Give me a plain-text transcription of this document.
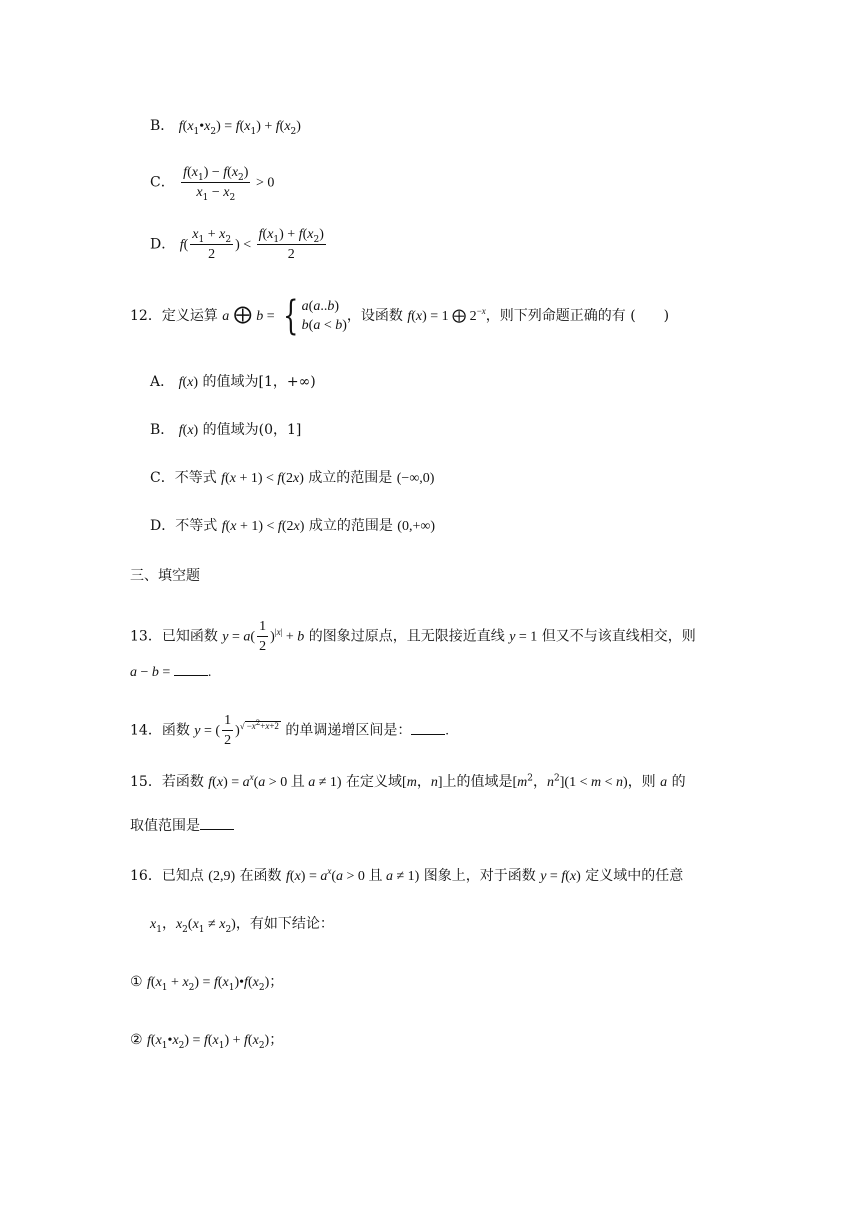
B． $f(x_1•x_2) = f(x_1) + f(x_2)$
C． $\frac{f(x_1) - f(x_2)}{x_1 - x_2} > 0$
D． $f( \frac{x_1 + x_2}{2}$ ) < $\frac{f(x_1) + f(x_2)}{2}$
12．定义运算 a ⨁ b = { a(a..b)
b(a < b)
，设函数 f(x) = 1 ⨁ $2^{-x}$，则下列命题正确的有 (　　)
A． f(x) 的值域为[1，+∞)
B． f(x) 的值域为(0，1]
C．不等式 f(x + 1) < f(2x) 成立的范围是 (−∞,0)
D．不等式 f(x + 1) < f(2x) 成立的范围是 (0,+∞)
三、填空题
13．已知函数 $y = a( \frac{1}{2} )^{|x|} + b$ 的图象过原点，且无限接近直线 y = 1 但又不与该直线相交，则
a − b = .
14．函数 y = ( $\frac{1}{2} )^{√ -x^2+x+2}$ 的单调递增区间是： .
15．若函数 $f(x) = a^x(a > 0$ 且 a ≠ 1) 在定义域[m，n]上的值域是[$m^2$，$n^2](1 < m < n)$，则 a 的
取值范围是
16．已知点 (2,9) 在函数 $f(x) = a^x(a > 0$ 且 a ≠ 1) 图象上，对于函数 y = f(x) 定义域中的任意
$x_1$，$x_2(x_1 \ne x_2)$，有如下结论：
① $f(x_1 + x_2)$ = $f(x_1)•f(x_2)$；
② $f(x_1•x_2) = f(x_1) + f(x_2)$；
